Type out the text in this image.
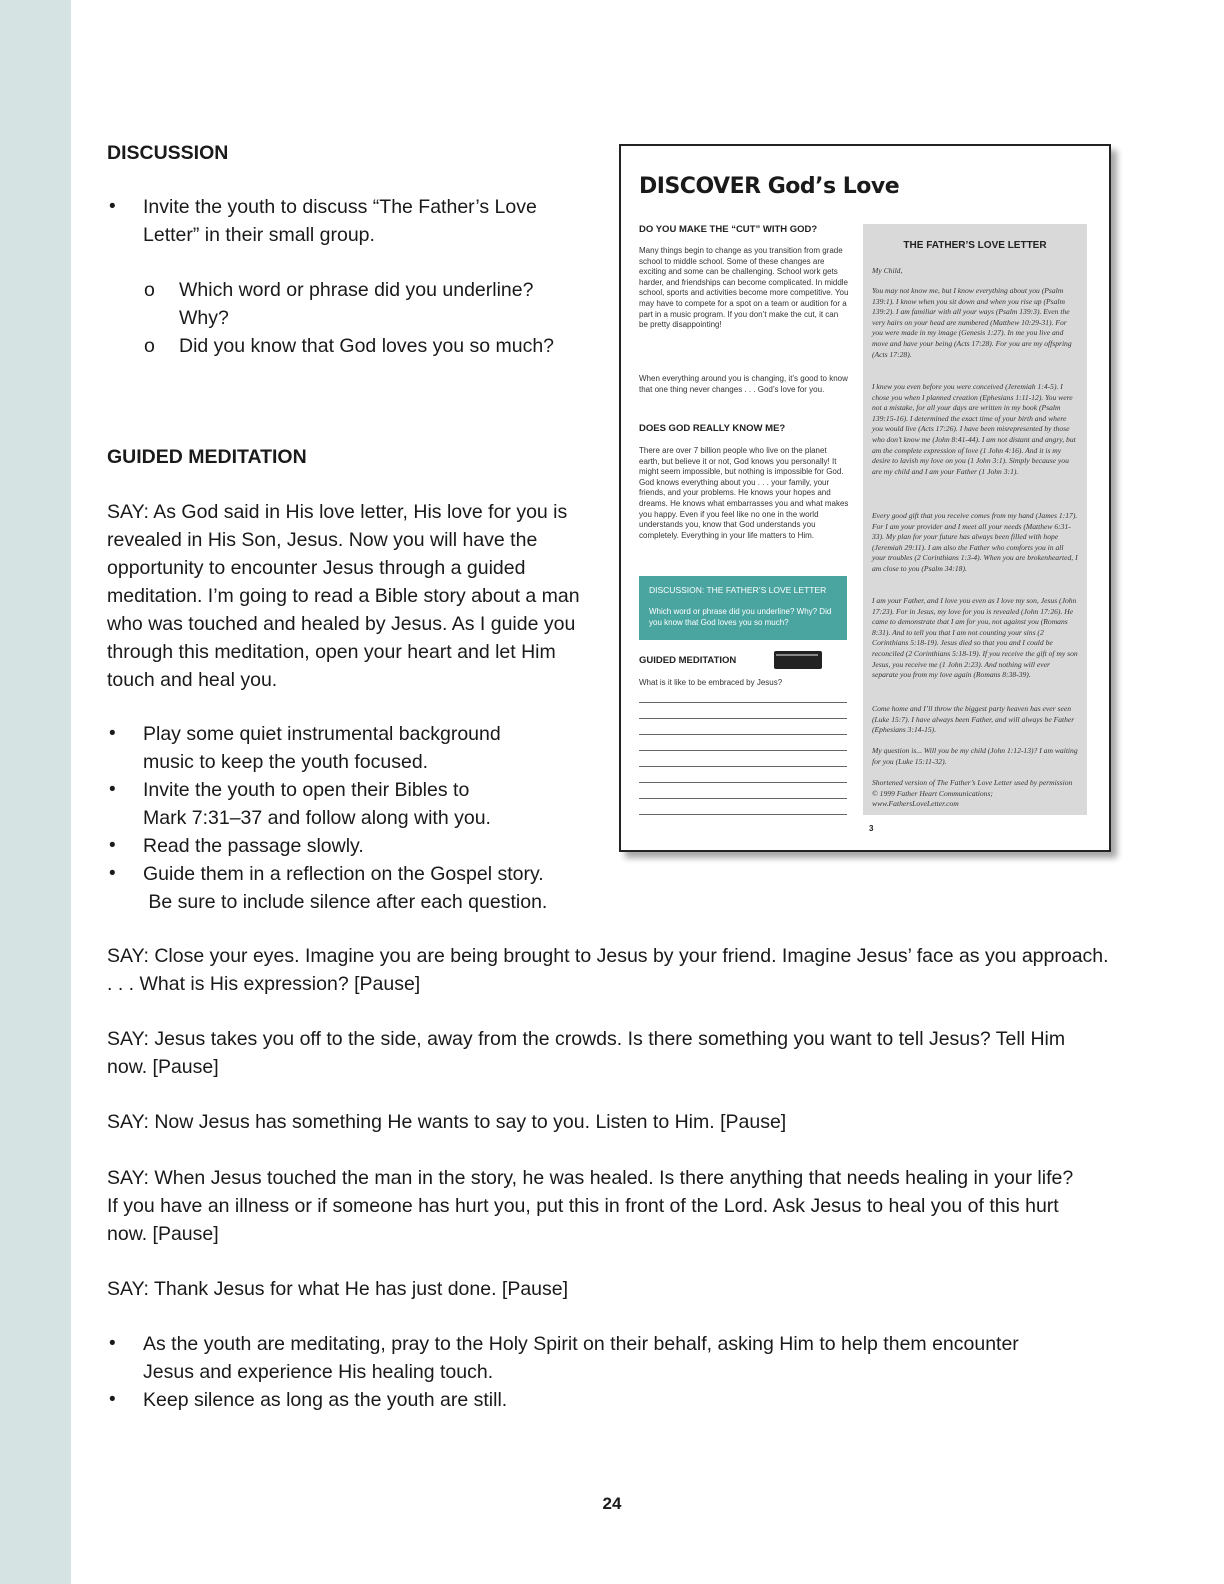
DISCUSSION
• Invite the youth to discuss “The Father’s Love
Letter” in their small group.
o Which word or phrase did you underline?
Why?
o Did you know that God loves you so much?
GUIDED MEDITATION
SAY: As God said in His love letter, His love for you is
revealed in His Son, Jesus. Now you will have the
opportunity to encounter Jesus through a guided
meditation. I’m going to read a Bible story about a man
who was touched and healed by Jesus. As I guide you
through this meditation, open your heart and let Him
touch and heal you.
• Play some quiet instrumental background
music to keep the youth focused.
• Invite the youth to open their Bibles to
Mark 7:31–37 and follow along with you.
• Read the passage slowly.
• Guide them in a reflection on the Gospel story.
Be sure to include silence after each question.
SAY: Close your eyes. Imagine you are being brought to Jesus by your friend. Imagine Jesus’ face as you approach.
. . . What is His expression? [Pause]
SAY: Jesus takes you off to the side, away from the crowds. Is there something you want to tell Jesus? Tell Him
now. [Pause]
SAY: Now Jesus has something He wants to say to you. Listen to Him. [Pause]
SAY: When Jesus touched the man in the story, he was healed. Is there anything that needs healing in your life?
If you have an illness or if someone has hurt you, put this in front of the Lord. Ask Jesus to heal you of this hurt
now. [Pause]
SAY: Thank Jesus for what He has just done. [Pause]
• As the youth are meditating, pray to the Holy Spirit on their behalf, asking Him to help them encounter
Jesus and experience His healing touch.
• Keep silence as long as the youth are still.
24
DISCOVER God’s Love
DO YOU MAKE THE “CUT” WITH GOD?
Many things begin to change as you transition from grade school to middle school. Some of these changes are exciting and some can be challenging. School work gets harder, and friendships can become complicated. In middle school, sports and activities become more competitive. You may have to compete for a spot on a team or audition for a part in a music program. If you don’t make the cut, it can be pretty disappointing!
When everything around you is changing, it’s good to know that one thing never changes . . . God’s love for you.
DOES GOD REALLY KNOW ME?
There are over 7 billion people who live on the planet earth, but believe it or not, God knows you personally! It might seem impossible, but nothing is impossible for God. God knows everything about you . . . your family, your friends, and your problems. He knows your hopes and dreams. He knows what embarrasses you and what makes you happy. Even if you feel like no one in the world understands you, know that God understands you completely. Everything in your life matters to Him.
DISCUSSION: THE FATHER’S LOVE LETTER
Which word or phrase did you underline? Why? Did you know that God loves you so much?
GUIDED MEDITATION
What is it like to be embraced by Jesus?
THE FATHER’S LOVE LETTER
My Child,
You may not know me, but I know everything about you (Psalm 139:1). I know when you sit down and when you rise up (Psalm 139:2). I am familiar with all your ways (Psalm 139:3). Even the very hairs on your head are numbered (Matthew 10:29-31). For you were made in my image (Genesis 1:27). In me you live and move and have your being (Acts 17:28). For you are my offspring (Acts 17:28).
I knew you even before you were conceived (Jeremiah 1:4-5). I chose you when I planned creation (Ephesians 1:11-12). You were not a mistake, for all your days are written in my book (Psalm 139:15-16). I determined the exact time of your birth and where you would live (Acts 17:26). I have been misrepresented by those who don’t know me (John 8:41-44). I am not distant and angry, but am the complete expression of love (1 John 4:16). And it is my desire to lavish my love on you (1 John 3:1). Simply because you are my child and I am your Father (1 John 3:1).
Every good gift that you receive comes from my hand (James 1:17). For I am your provider and I meet all your needs (Matthew 6:31-33). My plan for your future has always been filled with hope (Jeremiah 29:11). I am also the Father who comforts you in all your troubles (2 Corinthians 1:3-4). When you are brokenhearted, I am close to you (Psalm 34:18).
I am your Father, and I love you even as I love my son, Jesus (John 17:23). For in Jesus, my love for you is revealed (John 17:26). He came to demonstrate that I am for you, not against you (Romans 8:31). And to tell you that I am not counting your sins (2 Corinthians 5:18-19). Jesus died so that you and I could be reconciled (2 Corinthians 5:18-19). If you receive the gift of my son Jesus, you receive me (1 John 2:23). And nothing will ever separate you from my love again (Romans 8:38-39).
Come home and I’ll throw the biggest party heaven has ever seen (Luke 15:7). I have always been Father, and will always be Father (Ephesians 3:14-15).
My question is... Will you be my child (John 1:12-13)? I am waiting for you (Luke 15:11-32).
Shortened version of The Father’s Love Letter used by permission © 1999 Father Heart Communications; www.FathersLoveLetter.com
3
